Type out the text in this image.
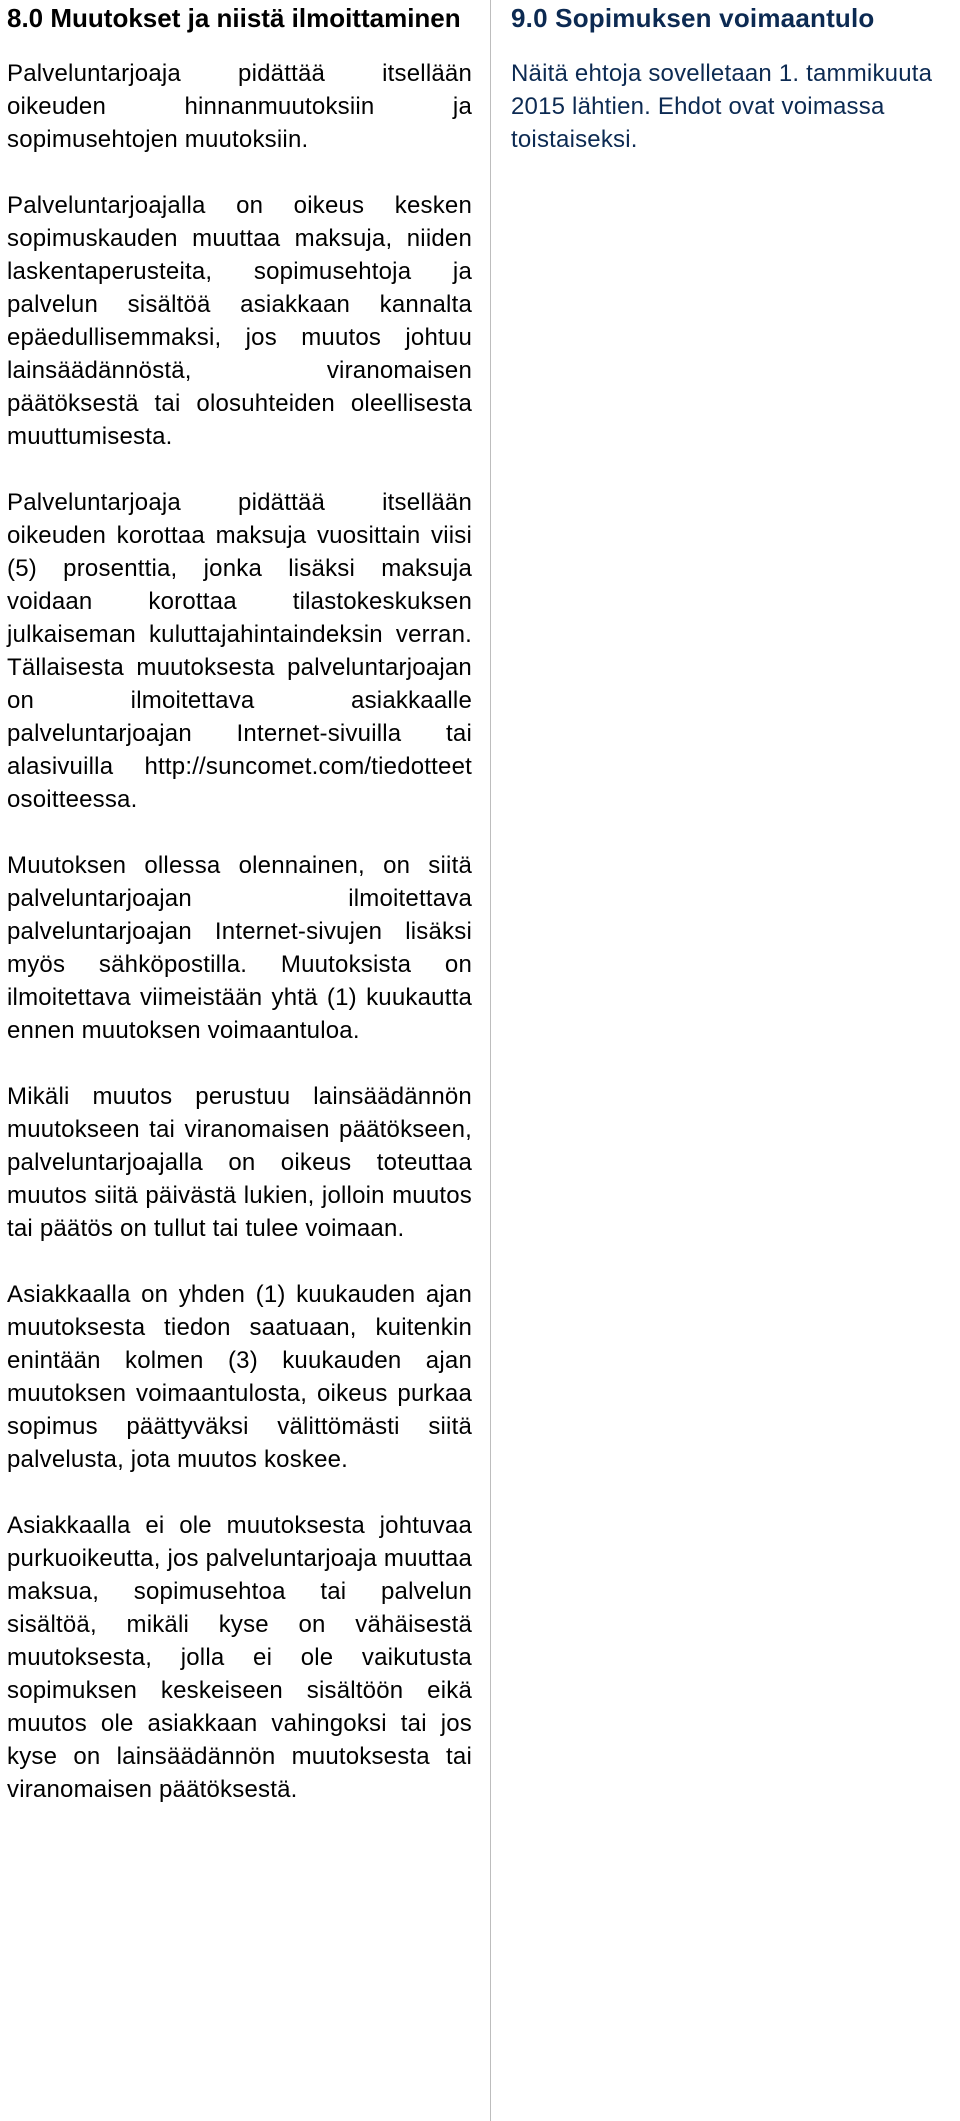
8.0 Muutokset ja niistä ilmoittaminen

Palveluntarjoaja pidättää itsellään oikeuden hinnanmuutoksiin ja sopimusehtojen muutoksiin.

Palveluntarjoajalla on oikeus kesken sopimuskauden muuttaa maksuja, niiden laskentaperusteita, sopimusehtoja ja palvelun sisältöä asiakkaan kannalta epäedullisemmaksi, jos muutos johtuu lainsäädännöstä, viranomaisen päätöksestä tai olosuhteiden oleellisesta muuttumisesta.

Palveluntarjoaja pidättää itsellään oikeuden korottaa maksuja vuosittain viisi (5) prosenttia, jonka lisäksi maksuja voidaan korottaa tilastokeskuksen julkaiseman kuluttajahintaindeksin verran. Tällaisesta muutoksesta palveluntarjoajan on ilmoitettava asiakkaalle palveluntarjoajan Internet-sivuilla tai alasivuilla http://suncomet.com/tiedotteet osoitteessa.

Muutoksen ollessa olennainen, on siitä palveluntarjoajan ilmoitettava palveluntarjoajan Internet-sivujen lisäksi myös sähköpostilla. Muutoksista on ilmoitettava viimeistään yhtä (1) kuukautta ennen muutoksen voimaantuloa.

Mikäli muutos perustuu lainsäädännön muutokseen tai viranomaisen päätökseen, palveluntarjoajalla on oikeus toteuttaa muutos siitä päivästä lukien, jolloin muutos tai päätös on tullut tai tulee voimaan.

Asiakkaalla on yhden (1) kuukauden ajan muutoksesta tiedon saatuaan, kuitenkin enintään kolmen (3) kuukauden ajan muutoksen voimaantulosta, oikeus purkaa sopimus päättyväksi välittömästi siitä palvelusta, jota muutos koskee.

Asiakkaalla ei ole muutoksesta johtuvaa purkuoikeutta, jos palveluntarjoaja muuttaa maksua, sopimusehtoa tai palvelun sisältöä, mikäli kyse on vähäisestä muutoksesta, jolla ei ole vaikutusta sopimuksen keskeiseen sisältöön eikä muutos ole asiakkaan vahingoksi tai jos kyse on lainsäädännön muutoksesta tai viranomaisen päätöksestä.

9.0 Sopimuksen voimaantulo

Näitä ehtoja sovelletaan 1. tammikuuta 2015 lähtien. Ehdot ovat voimassa toistaiseksi.
